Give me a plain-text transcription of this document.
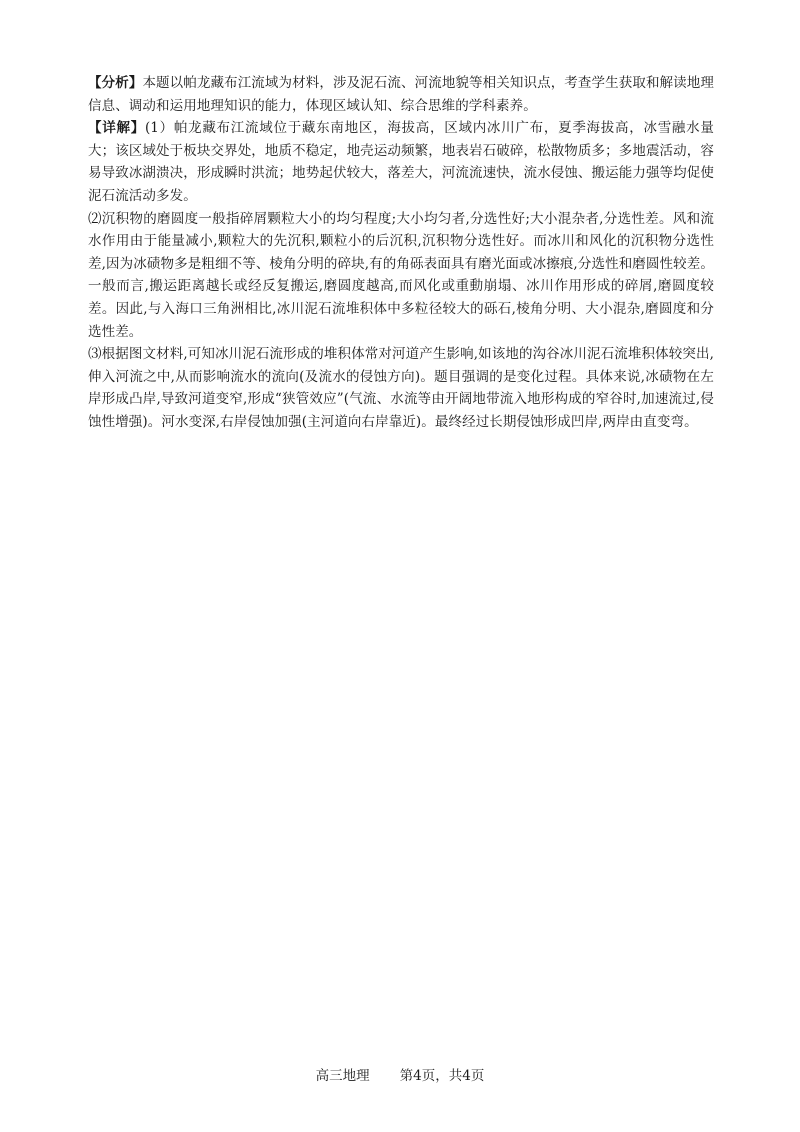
【分析】本题以帕龙藏布江流域为材料，涉及泥石流、河流地貌等相关知识点，考查学生获取和解读地理信息、调动和运用地理知识的能力，体现区域认知、综合思维的学科素养。

【详解】(1）帕龙藏布江流域位于藏东南地区，海拔高，区域内冰川广布，夏季海拔高，冰雪融水量大；该区域处于板块交界处，地质不稳定，地壳运动频繁，地表岩石破碎，松散物质多；多地震活动，容易导致冰湖溃决，形成瞬时洪流；地势起伏较大，落差大，河流流速快，流水侵蚀、搬运能力强等均促使泥石流活动多发。

⑵沉积物的磨圆度一般指碎屑颗粒大小的均匀程度;大小均匀者,分选性好;大小混杂者,分选性差。风和流水作用由于能量减小,颗粒大的先沉积,颗粒小的后沉积,沉积物分选性好。而冰川和风化的沉积物分选性差,因为冰碛物多是粗细不等、棱角分明的碎块,有的角砾表面具有磨光面或冰擦痕,分选性和磨圆性较差。一般而言,搬运距离越长或经反复搬运,磨圆度越高,而风化或重動崩塌、冰川作用形成的碎屑,磨圆度较差。因此,与入海口三角洲相比,冰川泥石流堆积体中多粒径较大的砾石,棱角分明、大小混杂,磨圆度和分选性差。

⑶根据图文材料,可知冰川泥石流形成的堆积体常对河道产生影响,如该地的沟谷冰川泥石流堆积体较突出,伸入河流之中,从而影响流水的流向(及流水的侵蚀方向)。题目强调的是变化过程。具体来说,冰碛物在左岸形成凸岸,导致河道变窄,形成“狭管效应”(气流、水流等由开阔地带流入地形构成的窄谷时,加速流过,侵蚀性增强)。河水变深,右岸侵蚀加强(主河道向右岸靠近)。最终经过长期侵蚀形成凹岸,两岸由直变弯。

高三地理 第4页，共4页
